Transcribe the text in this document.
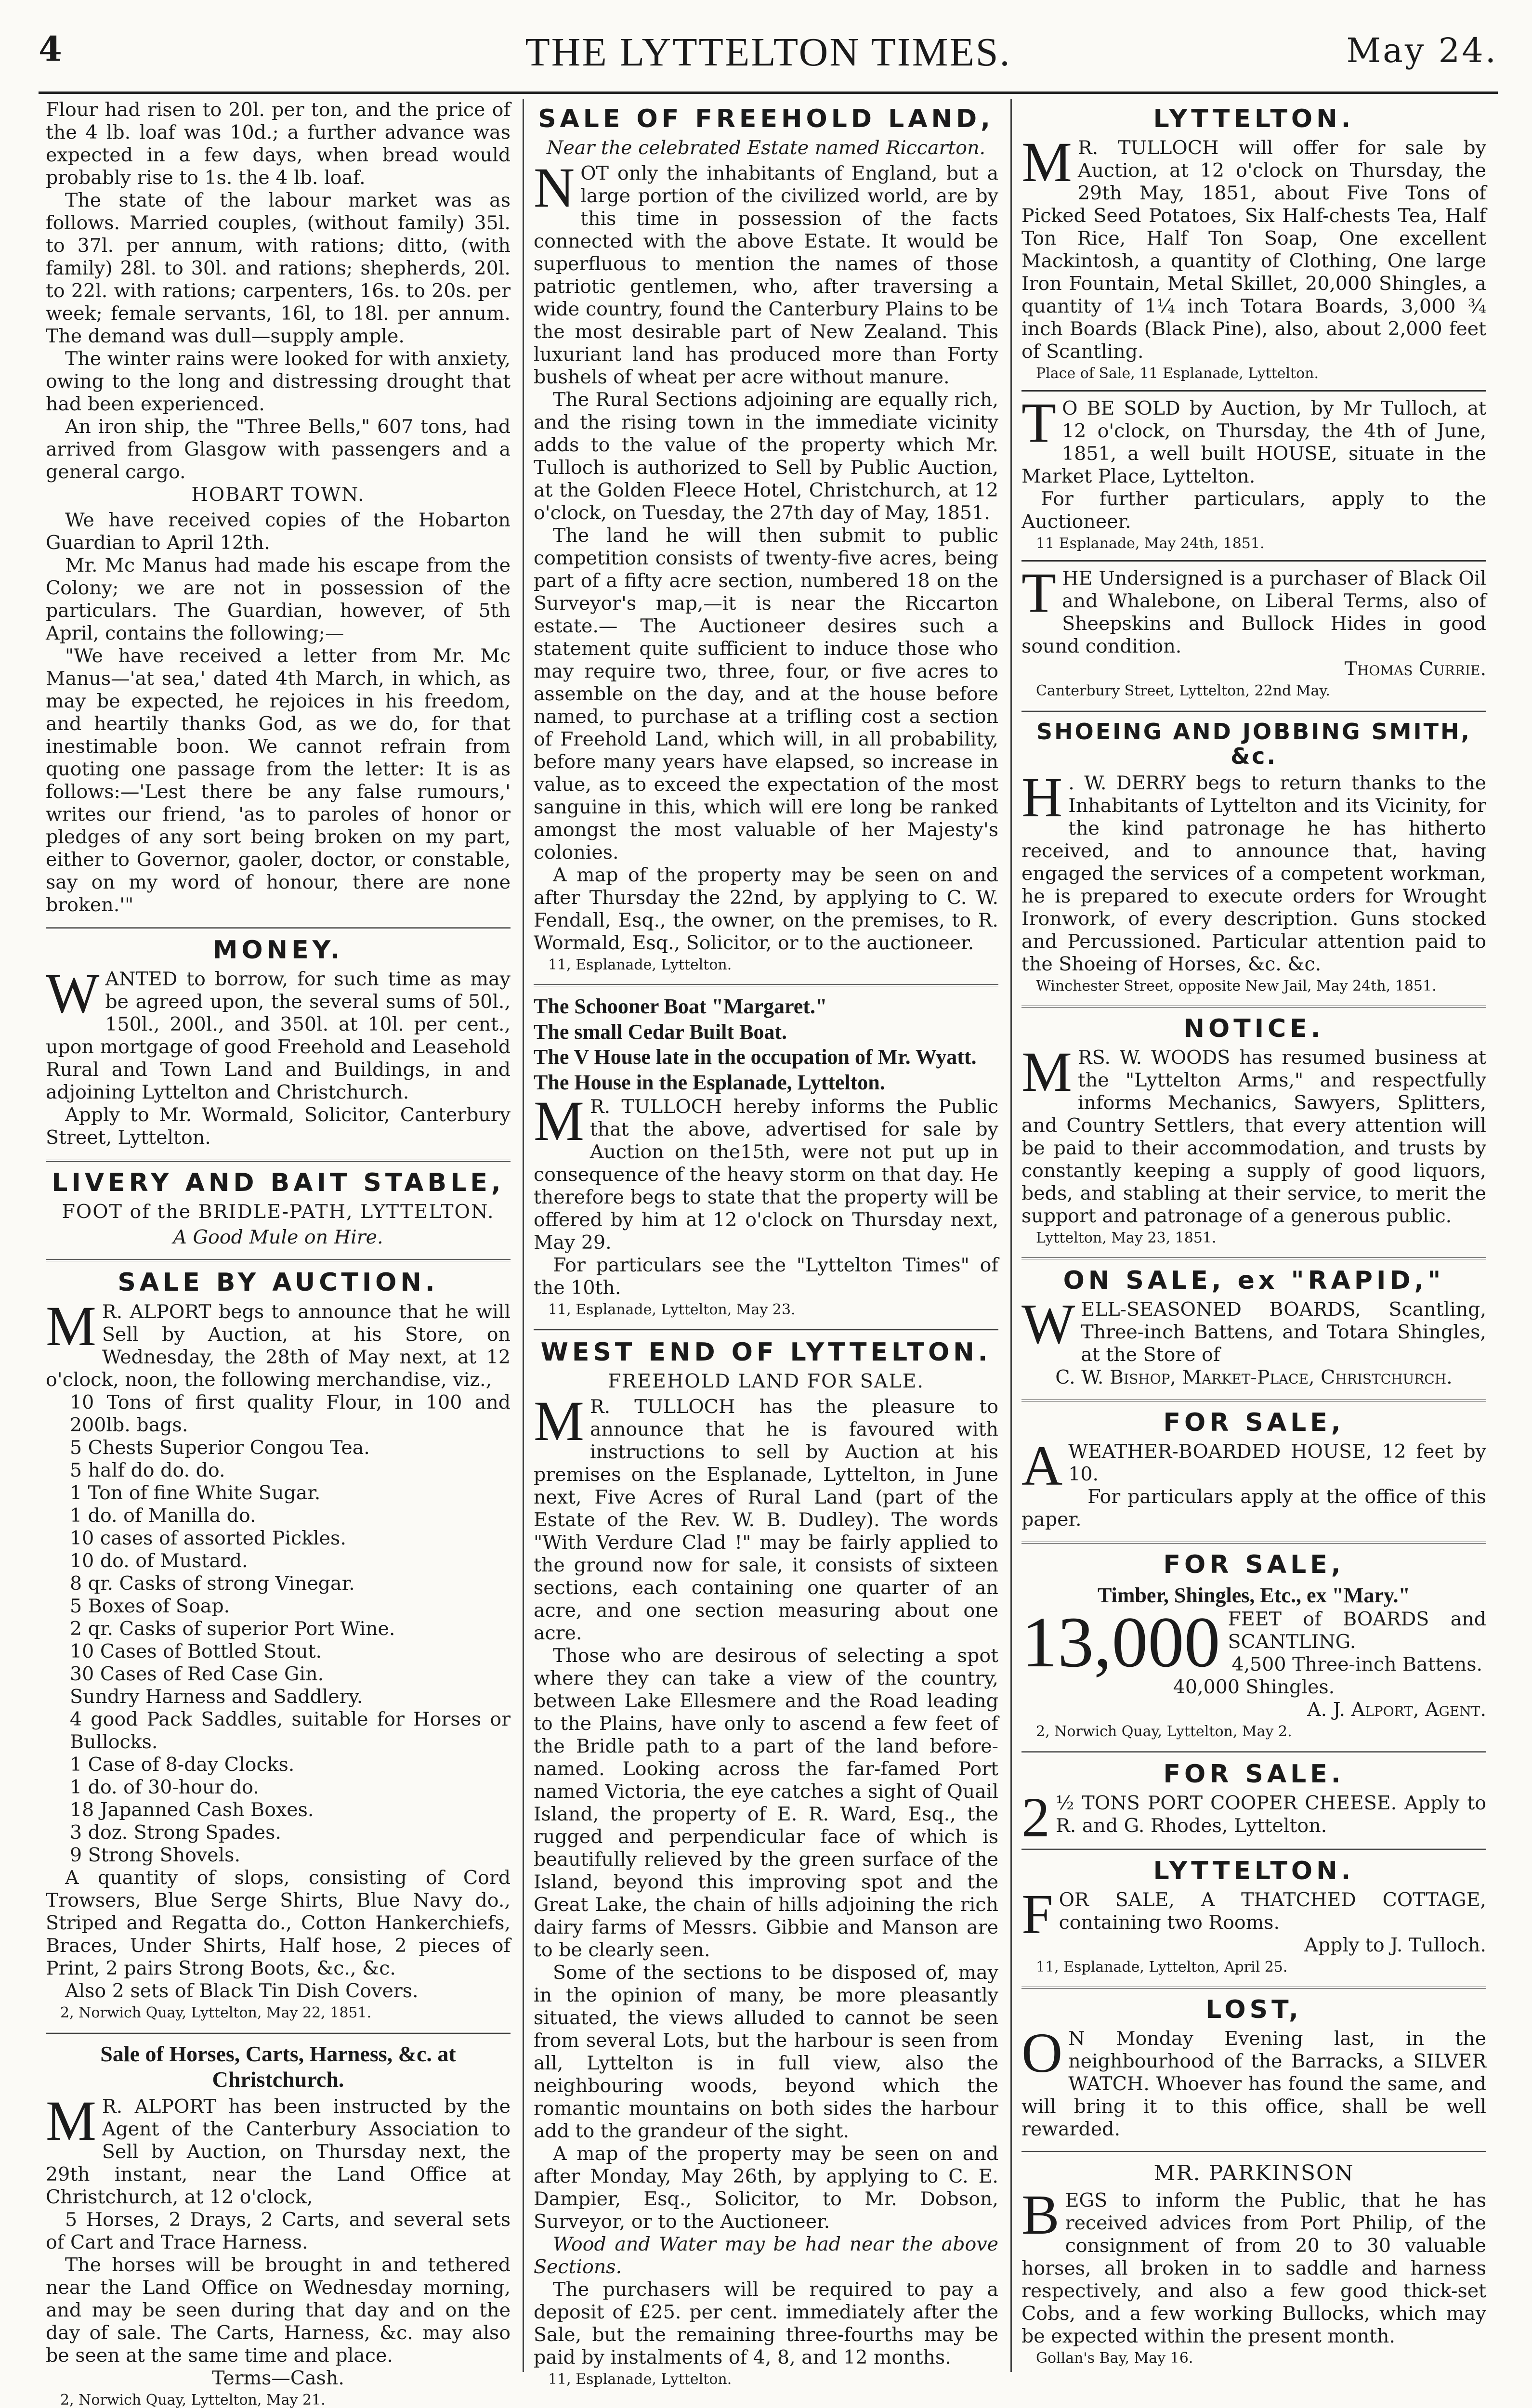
4	THE LYTTELTON TIMES.	May 24.

Flour had risen to 20l. per ton, and the price of the 4 lb. loaf was 10d.; a further advance was expected in a few days, when bread would probably rise to 1s. the 4 lb. loaf.

The state of the labour market was as follows. Married couples, (without family) 35l. to 37l. per annum, with rations; ditto, (with family) 28l. to 30l. and rations; shepherds, 20l. to 22l. with rations; carpenters, 16s. to 20s. per week; female servants, 16l, to 18l. per annum. The demand was dull—supply ample.

The winter rains were looked for with anxiety, owing to the long and distressing drought that had been experienced.

An iron ship, the "Three Bells," 607 tons, had arrived from Glasgow with passengers and a general cargo.

HOBART TOWN.

We have received copies of the Hobarton Guardian to April 12th.

Mr. Mc Manus had made his escape from the Colony; we are not in possession of the particulars. The Guardian, however, of 5th April, contains the following;—

"We have received a letter from Mr. Mc Manus—'at sea,' dated 4th March, in which, as may be expected, he rejoices in his freedom, and heartily thanks God, as we do, for that inestimable boon. We cannot refrain from quoting one passage from the letter: It is as follows:—'Lest there be any false rumours,' writes our friend, 'as to paroles of honor or pledges of any sort being broken on my part, either to Governor, gaoler, doctor, or constable, say on my word of honour, there are none broken.'"

MONEY.
W ANTED to borrow, for such time as may be agreed upon, the several sums of 50l., 150l., 200l., and 350l. at 10l. per cent., upon mortgage of good Freehold and Leasehold Rural and Town Land and Buildings, in and adjoining Lyttelton and Christchurch.

Apply to Mr. Wormald, Solicitor, Canterbury Street, Lyttelton.

LIVERY AND BAIT STABLE,
FOOT of the BRIDLE-PATH, LYTTELTON.
A Good Mule on Hire.
SALE BY AUCTION.
M R. ALPORT begs to announce that he will Sell by Auction, at his Store, on Wednesday, the 28th of May next, at 12 o'clock, noon, the following merchandise, viz.,

10 Tons of first quality Flour, in 100 and 200lb. bags.

5 Chests Superior Congou Tea.

5 half do do. do.

1 Ton of fine White Sugar.

1 do. of Manilla do.

10 cases of assorted Pickles.

10 do. of Mustard.

8 qr. Casks of strong Vinegar.

5 Boxes of Soap.

2 qr. Casks of superior Port Wine.

10 Cases of Bottled Stout.

30 Cases of Red Case Gin.

Sundry Harness and Saddlery.

4 good Pack Saddles, suitable for Horses or Bullocks.

1 Case of 8-day Clocks.

1 do. of 30-hour do.

18 Japanned Cash Boxes.

3 doz. Strong Spades.

9 Strong Shovels.

A quantity of slops, consisting of Cord Trowsers, Blue Serge Shirts, Blue Navy do., Striped and Regatta do., Cotton Hankerchiefs, Braces, Under Shirts, Half hose, 2 pieces of Print, 2 pairs Strong Boots, &c., &c.

Also 2 sets of Black Tin Dish Covers.

2, Norwich Quay, Lyttelton, May 22, 1851.

Sale of Horses, Carts, Harness, &c. at Christchurch.
M R. ALPORT has been instructed by the Agent of the Canterbury Association to Sell by Auction, on Thursday next, the 29th instant, near the Land Office at Christchurch, at 12 o'clock,

5 Horses, 2 Drays, 2 Carts, and several sets of Cart and Trace Harness.

The horses will be brought in and tethered near the Land Office on Wednesday morning, and may be seen during that day and on the day of sale. The Carts, Harness, &c. may also be seen at the same time and place.

Terms—Cash.

2, Norwich Quay, Lyttelton, May 21.

SALE OF FREEHOLD LAND,
Near the celebrated Estate named Riccarton.
N OT only the inhabitants of England, but a large portion of the civilized world, are by this time in possession of the facts connected with the above Estate. It would be superfluous to mention the names of those patriotic gentlemen, who, after traversing a wide country, found the Canterbury Plains to be the most desirable part of New Zealand. This luxuriant land has produced more than Forty bushels of wheat per acre without manure.

The Rural Sections adjoining are equally rich, and the rising town in the immediate vicinity adds to the value of the property which Mr. Tulloch is authorized to Sell by Public Auction, at the Golden Fleece Hotel, Christchurch, at 12 o'clock, on Tuesday, the 27th day of May, 1851.

The land he will then submit to public competition consists of twenty-five acres, being part of a fifty acre section, numbered 18 on the Surveyor's map,—it is near the Riccarton estate.— The Auctioneer desires such a statement quite sufficient to induce those who may require two, three, four, or five acres to assemble on the day, and at the house before named, to purchase at a trifling cost a section of Freehold Land, which will, in all probability, before many years have elapsed, so increase in value, as to exceed the expectation of the most sanguine in this, which will ere long be ranked amongst the most valuable of her Majesty's colonies.

A map of the property may be seen on and after Thursday the 22nd, by applying to C. W. Fendall, Esq., the owner, on the premises, to R. Wormald, Esq., Solicitor, or to the auctioneer.

11, Esplanade, Lyttelton.

The Schooner Boat "Margaret."

The small Cedar Built Boat.

The V House late in the occupation of Mr. Wyatt.

The House in the Esplanade, Lyttelton.

M R. TULLOCH hereby informs the Public that the above, advertised for sale by Auction on the15th, were not put up in consequence of the heavy storm on that day. He therefore begs to state that the property will be offered by him at 12 o'clock on Thursday next, May 29.

For particulars see the "Lyttelton Times" of the 10th.

11, Esplanade, Lyttelton, May 23.

WEST END OF LYTTELTON.
FREEHOLD LAND FOR SALE.
M R. TULLOCH has the pleasure to announce that he is favoured with instructions to sell by Auction at his premises on the Esplanade, Lyttelton, in June next, Five Acres of Rural Land (part of the Estate of the Rev. W. B. Dudley). The words "With Verdure Clad !" may be fairly applied to the ground now for sale, it consists of sixteen sections, each containing one quarter of an acre, and one section measuring about one acre.

Those who are desirous of selecting a spot where they can take a view of the country, between Lake Ellesmere and the Road leading to the Plains, have only to ascend a few feet of the Bridle path to a part of the land before-named. Looking across the far-famed Port named Victoria, the eye catches a sight of Quail Island, the property of E. R. Ward, Esq., the rugged and perpendicular face of which is beautifully relieved by the green surface of the Island, beyond this improving spot and the Great Lake, the chain of hills adjoining the rich dairy farms of Messrs. Gibbie and Manson are to be clearly seen.

Some of the sections to be disposed of, may in the opinion of many, be more pleasantly situated, the views alluded to cannot be seen from several Lots, but the harbour is seen from all, Lyttelton is in full view, also the neighbouring woods, beyond which the romantic mountains on both sides the harbour add to the grandeur of the sight.

A map of the property may be seen on and after Monday, May 26th, by applying to C. E. Dampier, Esq., Solicitor, to Mr. Dobson, Surveyor, or to the Auctioneer.

Wood and Water may be had near the above Sections.

The purchasers will be required to pay a deposit of £25. per cent. immediately after the Sale, but the remaining three-fourths may be paid by instalments of 4, 8, and 12 months.

11, Esplanade, Lyttelton.

LYTTELTON.
M R. TULLOCH will offer for sale by Auction, at 12 o'clock on Thursday, the 29th May, 1851, about Five Tons of Picked Seed Potatoes, Six Half-chests Tea, Half Ton Rice, Half Ton Soap, One excellent Mackintosh, a quantity of Clothing, One large Iron Fountain, Metal Skillet, 20,000 Shingles, a quantity of 1¼ inch Totara Boards, 3,000 ¾ inch Boards (Black Pine), also, about 2,000 feet of Scantling.

Place of Sale, 11 Esplanade, Lyttelton.

T O BE SOLD by Auction, by Mr Tulloch, at 12 o'clock, on Thursday, the 4th of June, 1851, a well built HOUSE, situate in the Market Place, Lyttelton.

For further particulars, apply to the Auctioneer.

11 Esplanade, May 24th, 1851.

T HE Undersigned is a purchaser of Black Oil and Whalebone, on Liberal Terms, also of Sheepskins and Bullock Hides in good sound condition.

Thomas Currie.

Canterbury Street, Lyttelton, 22nd May.

SHOEING AND JOBBING SMITH, &c.
H . W. DERRY begs to return thanks to the Inhabitants of Lyttelton and its Vicinity, for the kind patronage he has hitherto received, and to announce that, having engaged the services of a competent workman, he is prepared to execute orders for Wrought Ironwork, of every description. Guns stocked and Percussioned. Particular attention paid to the Shoeing of Horses, &c. &c.

Winchester Street, opposite New Jail, May 24th, 1851.

NOTICE.
M RS. W. WOODS has resumed business at the "Lyttelton Arms," and respectfully informs Mechanics, Sawyers, Splitters, and Country Settlers, that every attention will be paid to their accommodation, and trusts by constantly keeping a supply of good liquors, beds, and stabling at their service, to merit the support and patronage of a generous public.

Lyttelton, May 23, 1851.

ON SALE, ex "RAPID,"
W ELL-SEASONED BOARDS, Scantling, Three-inch Battens, and Totara Shingles, at the Store of

C. W. Bishop, Market-Place, Christchurch.

FOR SALE,
A WEATHER-BOARDED HOUSE, 12 feet by 10.

For particulars apply at the office of this paper.

FOR SALE,

Timber, Shingles, Etc., ex "Mary."

13,000 FEET of BOARDS and SCANTLING.

4,500 Three-inch Battens.

40,000 Shingles.

A. J. Alport, Agent.

2, Norwich Quay, Lyttelton, May 2.

FOR SALE.
2 ½ TONS PORT COOPER CHEESE. Apply to R. and G. Rhodes, Lyttelton.

LYTTELTON.
F OR SALE, A THATCHED COTTAGE, containing two Rooms.

Apply to J. Tulloch.

11, Esplanade, Lyttelton, April 25.

LOST,
O N Monday Evening last, in the neighbourhood of the Barracks, a SILVER WATCH. Whoever has found the same, and will bring it to this office, shall be well rewarded.

MR. PARKINSON
B EGS to inform the Public, that he has received advices from Port Philip, of the consignment of from 20 to 30 valuable horses, all broken in to saddle and harness respectively, and also a few good thick-set Cobs, and a few working Bullocks, which may be expected within the present month.

Gollan's Bay, May 16.
